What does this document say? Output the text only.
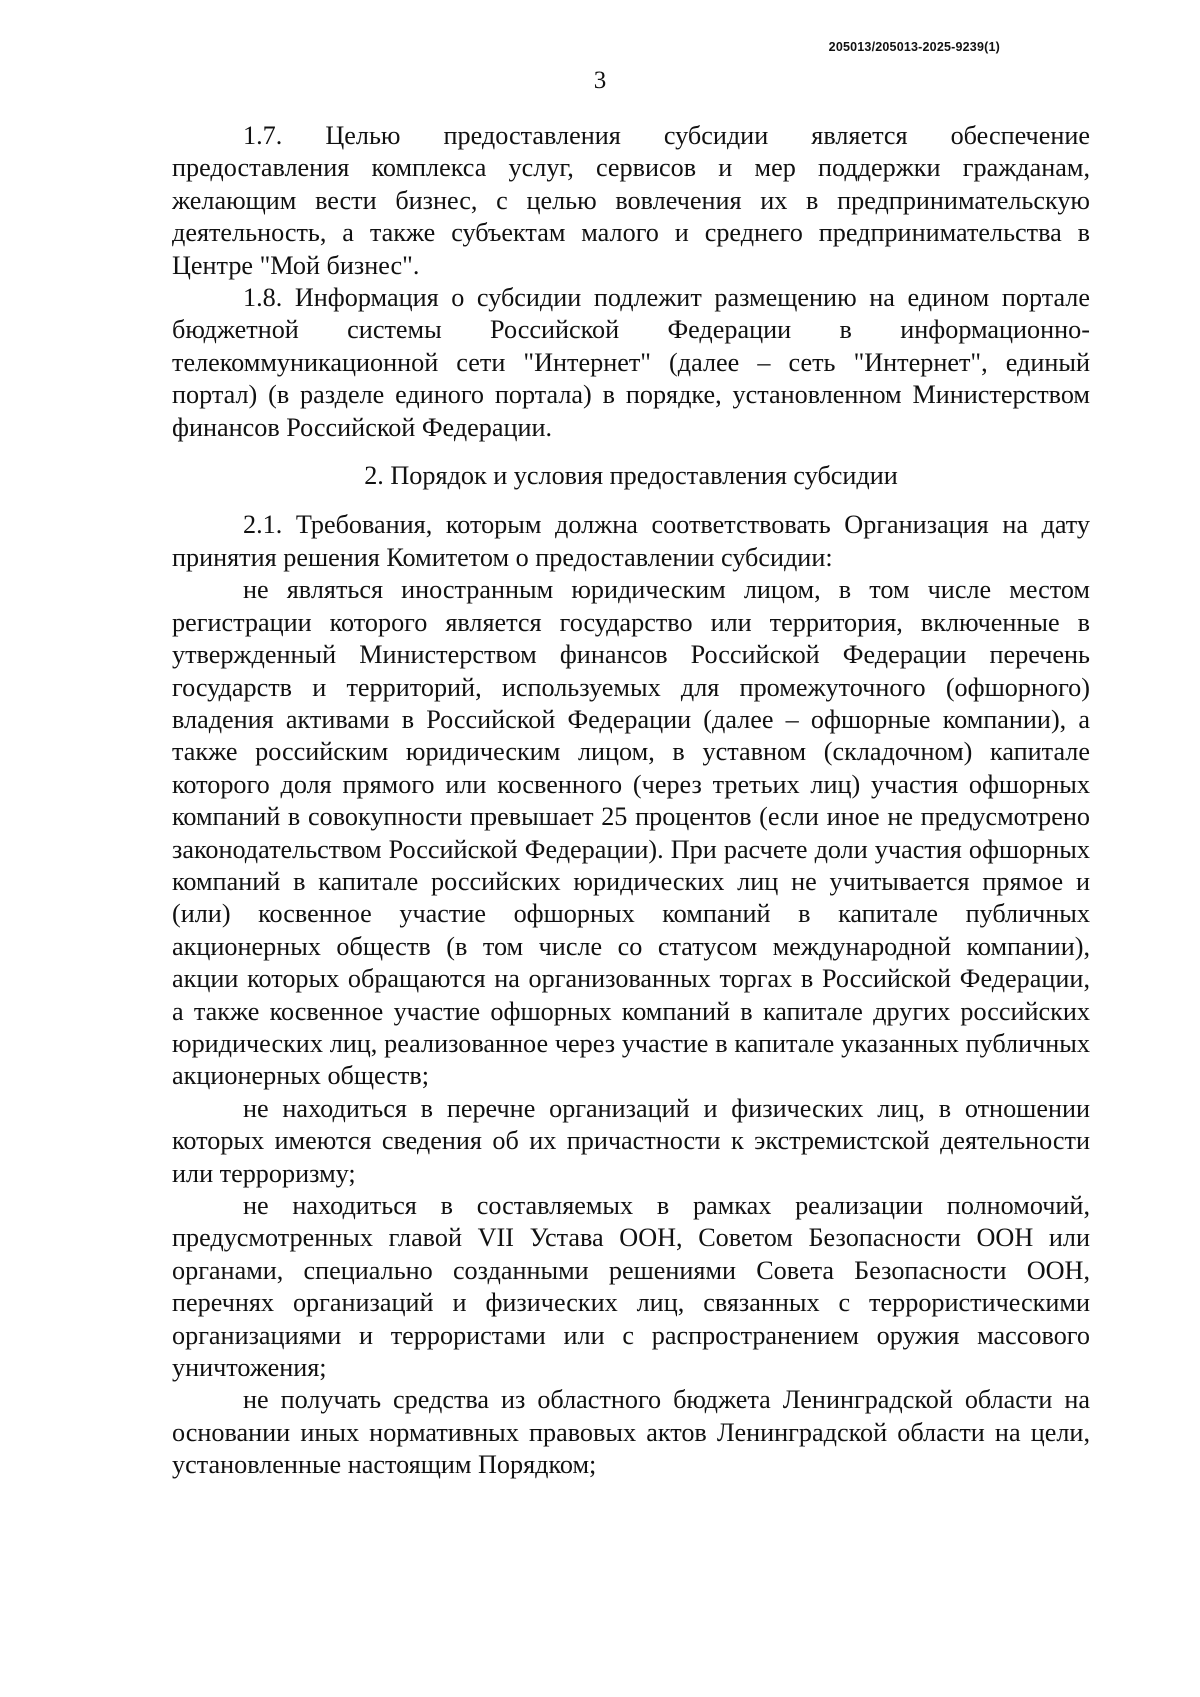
205013/205013-2025-9239(1)
3

1.7. Целью предоставления субсидии является обеспечение предоставления комплекса услуг, сервисов и мер поддержки гражданам, желающим вести бизнес, с целью вовлечения их в предпринимательскую деятельность, а также субъектам малого и среднего предпринимательства в Центре "Мой бизнес".

1.8. Информация о субсидии подлежит размещению на едином портале бюджетной системы Российской Федерации в информационно-телекоммуникационной сети "Интернет" (далее – сеть "Интернет", единый портал) (в разделе единого портала) в порядке, установленном Министерством финансов Российской Федерации.

2. Порядок и условия предоставления субсидии

2.1. Требования, которым должна соответствовать Организация на дату принятия решения Комитетом о предоставлении субсидии:

не являться иностранным юридическим лицом, в том числе местом регистрации которого является государство или территория, включенные в утвержденный Министерством финансов Российской Федерации перечень государств и территорий, используемых для промежуточного (офшорного) владения активами в Российской Федерации (далее – офшорные компании), а также российским юридическим лицом, в уставном (складочном) капитале которого доля прямого или косвенного (через третьих лиц) участия офшорных компаний в совокупности превышает 25 процентов (если иное не предусмотрено законодательством Российской Федерации). При расчете доли участия офшорных компаний в капитале российских юридических лиц не учитывается прямое и (или) косвенное участие офшорных компаний в капитале публичных акционерных обществ (в том числе со статусом международной компании), акции которых обращаются на организованных торгах в Российской Федерации, а также косвенное участие офшорных компаний в капитале других российских юридических лиц, реализованное через участие в капитале указанных публичных акционерных обществ;

не находиться в перечне организаций и физических лиц, в отношении которых имеются сведения об их причастности к экстремистской деятельности или терроризму;

не находиться в составляемых в рамках реализации полномочий, предусмотренных главой VII Устава ООН, Советом Безопасности ООН или органами, специально созданными решениями Совета Безопасности ООН, перечнях организаций и физических лиц, связанных с террористическими организациями и террористами или с распространением оружия массового уничтожения;

не получать средства из областного бюджета Ленинградской области на основании иных нормативных правовых актов Ленинградской области на цели, установленные настоящим Порядком;
